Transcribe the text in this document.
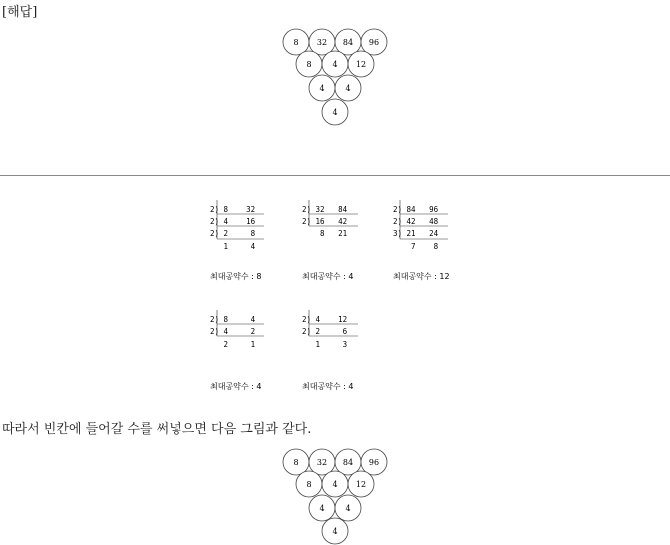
[해답]
8 32 84 96
8	4 12
4	4
4
2) 8    32
2) 4    16
2) 2     8
1     4
최대공약수 : 8
2) 32   84
2) 16   42
8   21
최대공약수 : 4
2) 84   96
2) 42   48
3) 21   24
7    8
최대공약수 : 12
2) 8     4
2) 4     2
2     1
최대공약수 : 4
2) 4    12
2) 2     6
1     3
최대공약수 : 4
따라서 빈칸에 들어갈 수를 써넣으면 다음 그림과 같다.
8 32 84 96
8	4 12
4	4
4
